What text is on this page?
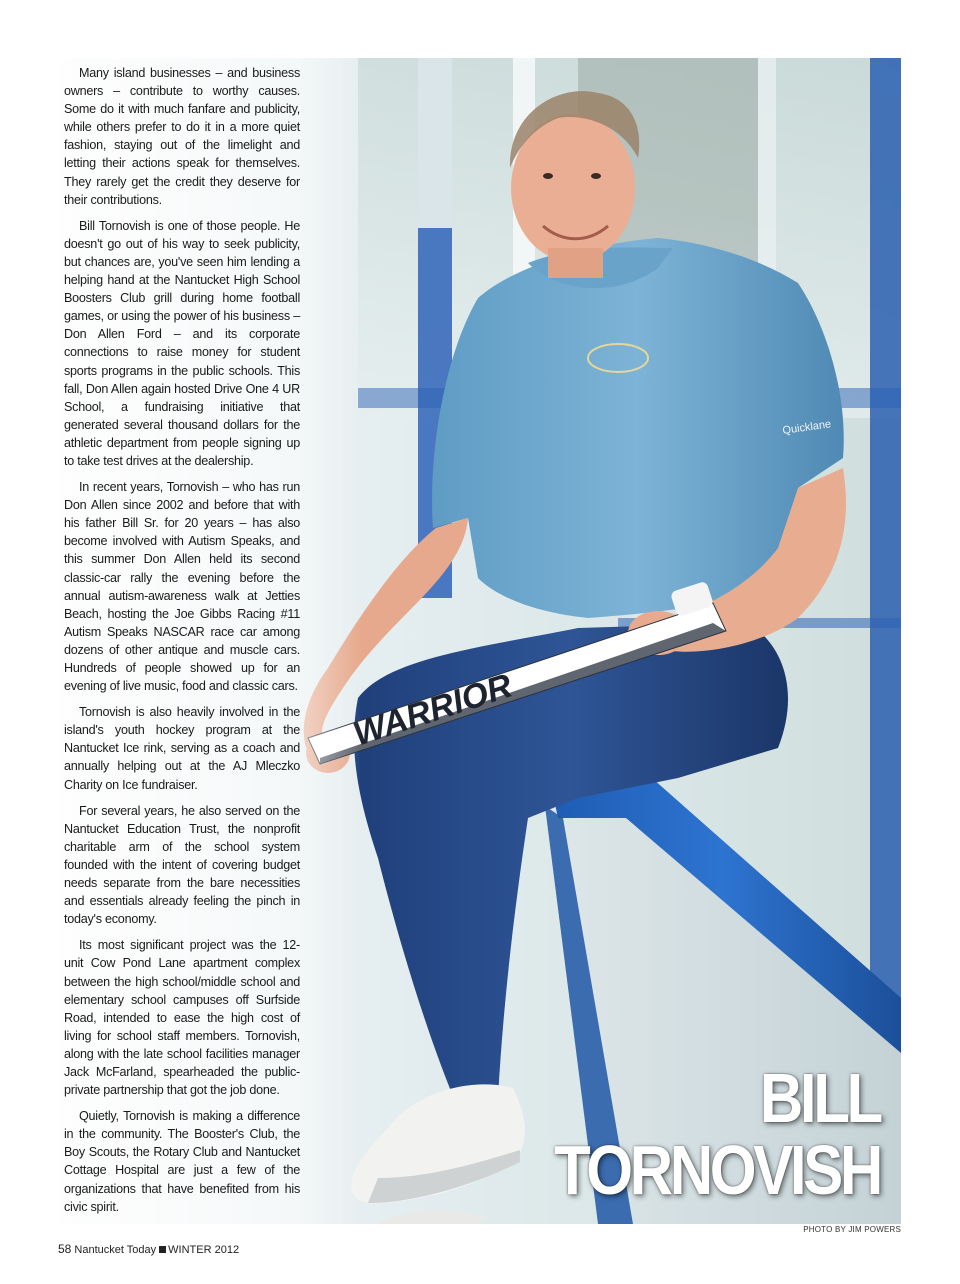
Many island businesses – and business owners – contribute to worthy causes. Some do it with much fanfare and publicity, while others prefer to do it in a more quiet fashion, staying out of the limelight and letting their actions speak for themselves. They rarely get the credit they deserve for their contributions.

Bill Tornovish is one of those people. He doesn't go out of his way to seek publicity, but chances are, you've seen him lending a helping hand at the Nantucket High School Boosters Club grill during home football games, or using the power of his business – Don Allen Ford – and its corporate connections to raise money for student sports programs in the public schools. This fall, Don Allen again hosted Drive One 4 UR School, a fundraising initiative that generated several thousand dollars for the athletic department from people signing up to take test drives at the dealership.

In recent years, Tornovish – who has run Don Allen since 2002 and before that with his father Bill Sr. for 20 years – has also become involved with Autism Speaks, and this summer Don Allen held its second classic-car rally the evening before the annual autism-awareness walk at Jetties Beach, hosting the Joe Gibbs Racing #11 Autism Speaks NASCAR race car among dozens of other antique and muscle cars. Hundreds of people showed up for an evening of live music, food and classic cars.

Tornovish is also heavily involved in the island's youth hockey program at the Nantucket Ice rink, serving as a coach and annually helping out at the AJ Mleczko Charity on Ice fundraiser.

For several years, he also served on the Nantucket Education Trust, the nonprofit charitable arm of the school system founded with the intent of covering budget needs separate from the bare necessities and essentials already feeling the pinch in today's economy.

Its most significant project was the 12-unit Cow Pond Lane apartment complex between the high school/middle school and elementary school campuses off Surfside Road, intended to ease the high cost of living for school staff members. Tornovish, along with the late school facilities manager Jack McFarland, spearheaded the public-private partnership that got the job done.

Quietly, Tornovish is making a difference in the community. The Booster's Club, the Boy Scouts, the Rotary Club and Nantucket Cottage Hospital are just a few of the organizations that have benefited from his civic spirit.

BILL
TORNOVISH
PHOTO BY JIM POWERS
58 Nantucket Today WINTER 2012
